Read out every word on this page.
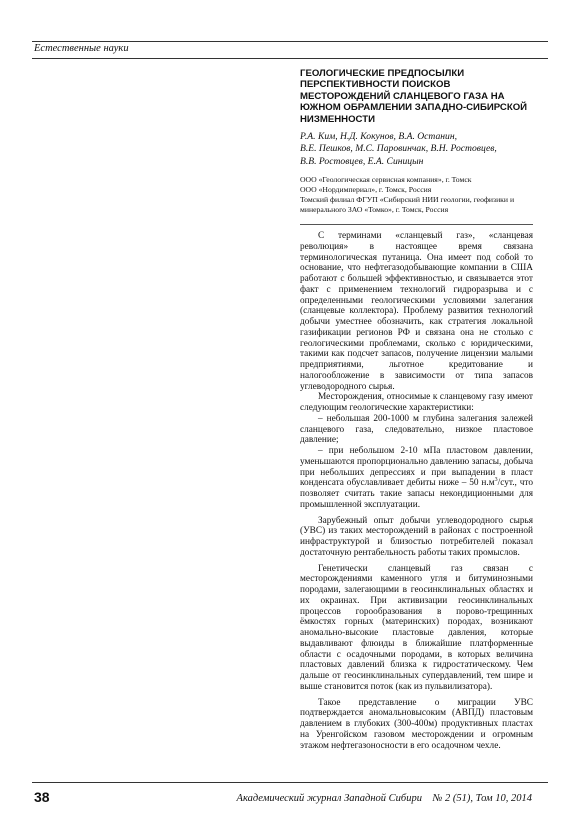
Естественные науки
ГЕОЛОГИЧЕСКИЕ ПРЕДПОСЫЛКИ ПЕРСПЕКТИВНОСТИ ПОИСКОВ МЕСТОРОЖДЕНИЙ СЛАНЦЕВОГО ГАЗА НА ЮЖНОМ ОБРАМЛЕНИИ ЗАПАДНО-СИБИРСКОЙ НИЗМЕННОСТИ
Р.А. Ким, Н.Д. Кокунов, В.А. Останин,
В.Е. Пешков, М.С. Паровинчак, В.Н. Ростовцев,
В.В. Ростовцев, Е.А. Синицын
ООО «Геологическая сервисная компания», г. Томск
ООО «Нордимпериал», г. Томск, Россия
Томский филиал ФГУП «Сибирский НИИ геологии, геофизики и минерального ЗАО «Томко», г. Томск, Россия

С терминами «сланцевый газ», «сланцевая революция» в настоящее время связана терминологическая путаница. Она имеет под собой то основание, что нефтегазодобывающие компании в США работают с большей эффективностью, и связывается этот факт с применением технологий гидроразрыва и с определенными геологическими условиями залегания (сланцевые коллектора). Проблему развития технологий добычи уместнее обозначить, как стратегия локальной газификации регионов РФ и связана она не столько с геологическими проблемами, сколько с юридическими, такими как подсчет запасов, получение лицензии малыми предприятиями, льготное кредитование и налогообложение в зависимости от типа запасов углеводородного сырья.

Месторождения, относимые к сланцевому газу имеют следующим геологические характеристики:

– небольшая 200-1000 м глубина залегания залежей сланцевого газа, следовательно, низкое пластовое давление;

– при небольшом 2-10 мПа пластовом давлении, уменьшаются пропорционально давлению запасы, добыча при небольших депрессиях и при выпадении в пласт конденсата обуславливает дебиты ниже – 50 $н.м^3$/сут., что позволяет считать такие запасы некондиционными для промышленной эксплуатации.

Зарубежный опыт добычи углеводородного сырья (УВС) из таких месторождений в районах с построенной инфраструктурой и близостью потребителей показал достаточную рентабельность работы таких промыслов.

Генетически сланцевый газ связан с месторождениями каменного угля и битуминозными породами, залегающими в геосинклинальных областях и их окраинах. При активизации геосинклинальных процессов горообразования в порово-трещинных ёмкостях горных (материнских) породах, возникают аномально-высокие пластовые давления, которые выдавливают флюиды в ближайшие платформенные области с осадочными породами, в которых величина пластовых давлений близка к гидростатическому. Чем дальше от геосинклинальных супердавлений, тем шире и выше становится поток (как из пульвилизатора).

Такое представление о миграции УВС подтверждается аномальновысоким (АВПД) пластовым давлением в глубоких (300-400м) продуктивных пластах на Уренгойском газовом месторождении и огромным этажом нефтегазоносности в его осадочном чехле.

38	Академический журнал Западной Сибири № 2 (51), Том 10, 2014
